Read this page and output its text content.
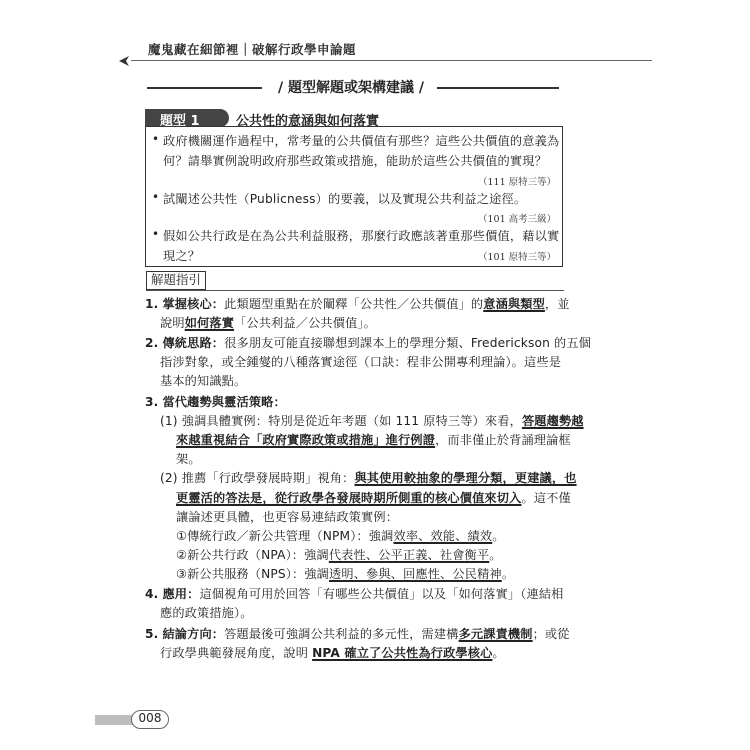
魔鬼藏在細節裡｜破解行政學申論題
/ 題型解題或架構建議 /
題型 1	公共性的意涵與如何落實
• 政府機關運作過程中，常考量的公共價值有那些？這些公共價值的意義為
何？請舉實例說明政府那些政策或措施，能助於這些公共價值的實現？
（111 原特三等）
• 試闡述公共性（Publicness）的要義，以及實現公共利益之途徑。
（101 高考三級）
• 假如公共行政是在為公共利益服務，那麼行政應該著重那些價值，藉以實
現之？	（101 原特三等）
解題指引
1. 掌握核心：此類題型重點在於闡釋「公共性／公共價值」的意涵與類型，並
說明如何落實「公共利益／公共價值」。
2. 傳統思路：很多朋友可能直接聯想到課本上的學理分類、Frederickson 的五個
指涉對象，或全鍾燮的八種落實途徑（口訣：程非公開專利理論）。這些是
基本的知識點。
3. 當代趨勢與靈活策略：
(1) 強調具體實例：特別是從近年考題（如 111 原特三等）來看，答題趨勢越
來越重視結合「政府實際政策或措施」進行例證，而非僅止於背誦理論框
架。
(2) 推薦「行政學發展時期」視角：與其使用較抽象的學理分類，更建議，也
更靈活的答法是，從行政學各發展時期所側重的核心價值來切入。這不僅
讓論述更具體，也更容易連結政策實例：
①傳統行政／新公共管理（NPM）：強調效率、效能、績效。
②新公共行政（NPA）：強調代表性、公平正義、社會衡平。
③新公共服務（NPS）：強調透明、參與、回應性、公民精神。
4. 應用：這個視角可用於回答「有哪些公共價值」以及「如何落實」（連結相
應的政策措施）。
5. 結論方向：答題最後可強調公共利益的多元性，需建構多元課責機制；或從
行政學典範發展角度，說明 NPA 確立了公共性為行政學核心。
008
